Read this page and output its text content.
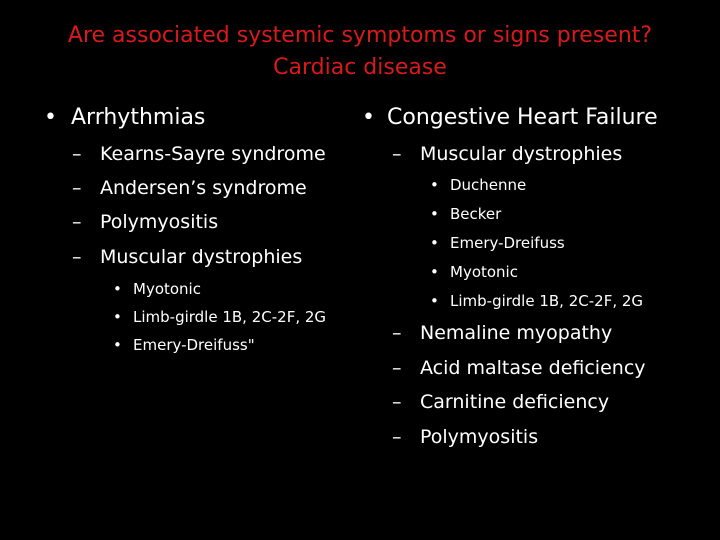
Are associated systemic symptoms or signs present?
Cardiac disease
• Arrhythmias
– Kearns-Sayre syndrome
– Andersen’s syndrome
– Polymyositis
– Muscular dystrophies
• Myotonic
• Limb-girdle 1B, 2C-2F, 2G
• Emery-Dreifuss"
• Congestive Heart Failure
– Muscular dystrophies
• Duchenne
• Becker
• Emery-Dreifuss
• Myotonic
• Limb-girdle 1B, 2C-2F, 2G
– Nemaline myopathy
– Acid maltase deficiency
– Carnitine deficiency
– Polymyositis
